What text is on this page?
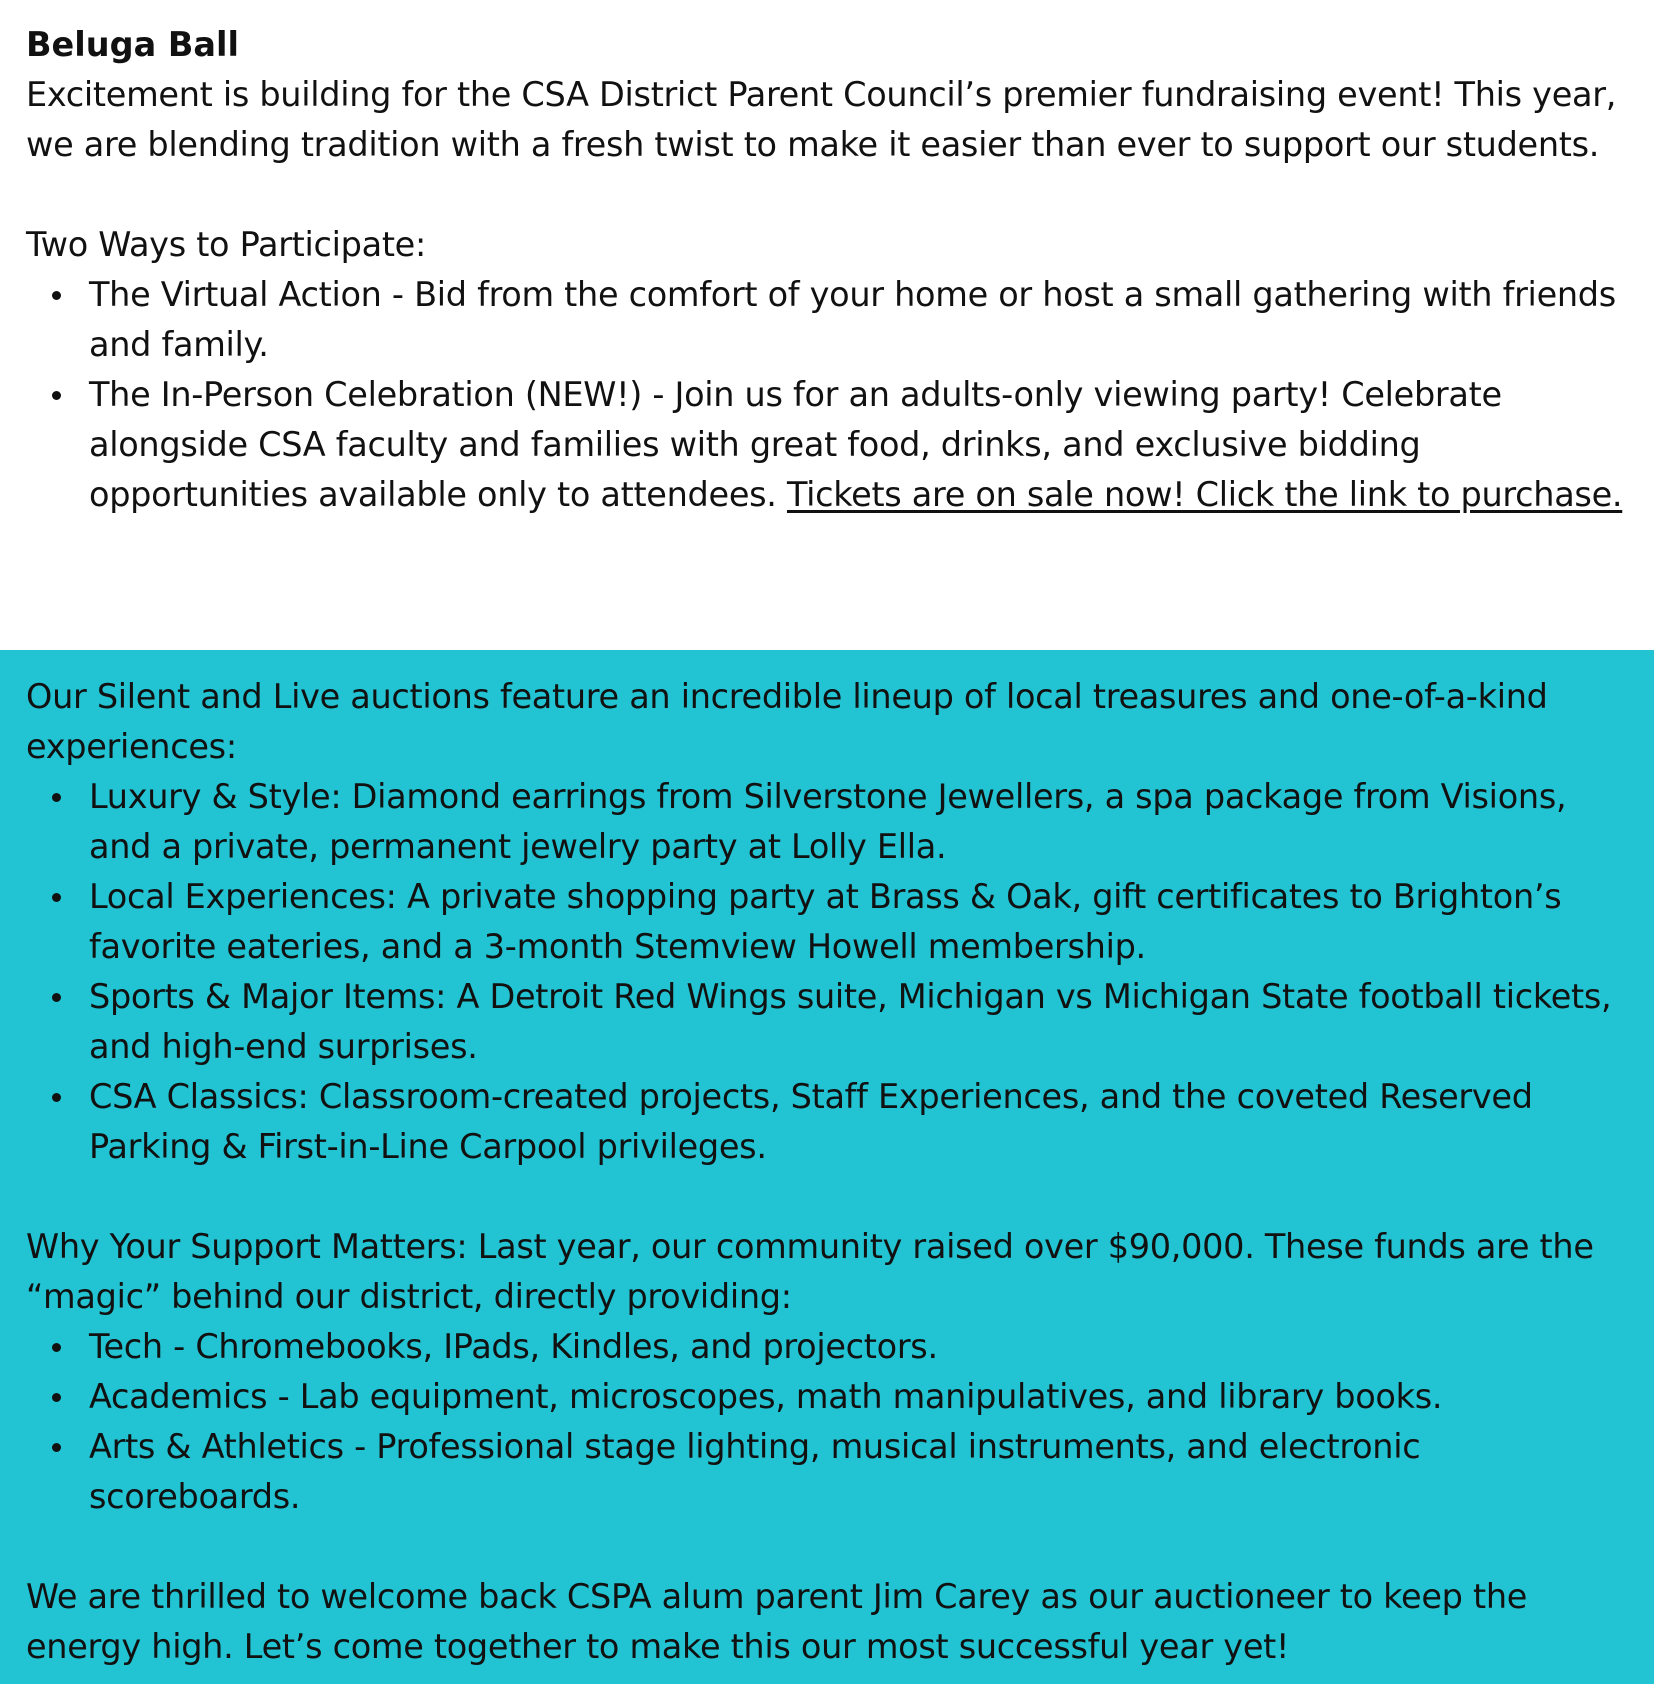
Beluga Ball

Excitement is building for the CSA District Parent Council’s premier fundraising event! This year, we are blending tradition with a fresh twist to make it easier than ever to support our students.

Two Ways to Participate:

The Virtual Action - Bid from the comfort of your home or host a small gathering with friends and family.
The In-Person Celebration (NEW!) - Join us for an adults-only viewing party! Celebrate alongside CSA faculty and families with great food, drinks, and exclusive bidding opportunities available only to attendees. Tickets are on sale now! Click the link to purchase.

Our Silent and Live auctions feature an incredible lineup of local treasures and one-of-a-kind experiences:

Luxury & Style: Diamond earrings from Silverstone Jewellers, a spa package from Visions, and a private, permanent jewelry party at Lolly Ella.
Local Experiences: A private shopping party at Brass & Oak, gift certificates to Brighton’s favorite eateries, and a 3-month Stemview Howell membership.
Sports & Major Items: A Detroit Red Wings suite, Michigan vs Michigan State football tickets, and high-end surprises.
CSA Classics: Classroom-created projects, Staff Experiences, and the coveted Reserved Parking & First-in-Line Carpool privileges.

Why Your Support Matters: Last year, our community raised over $90,000. These funds are the “magic” behind our district, directly providing:

Tech - Chromebooks, IPads, Kindles, and projectors.
Academics - Lab equipment, microscopes, math manipulatives, and library books.
Arts & Athletics - Professional stage lighting, musical instruments, and electronic scoreboards.

We are thrilled to welcome back CSPA alum parent Jim Carey as our auctioneer to keep the energy high. Let’s come together to make this our most successful year yet!
